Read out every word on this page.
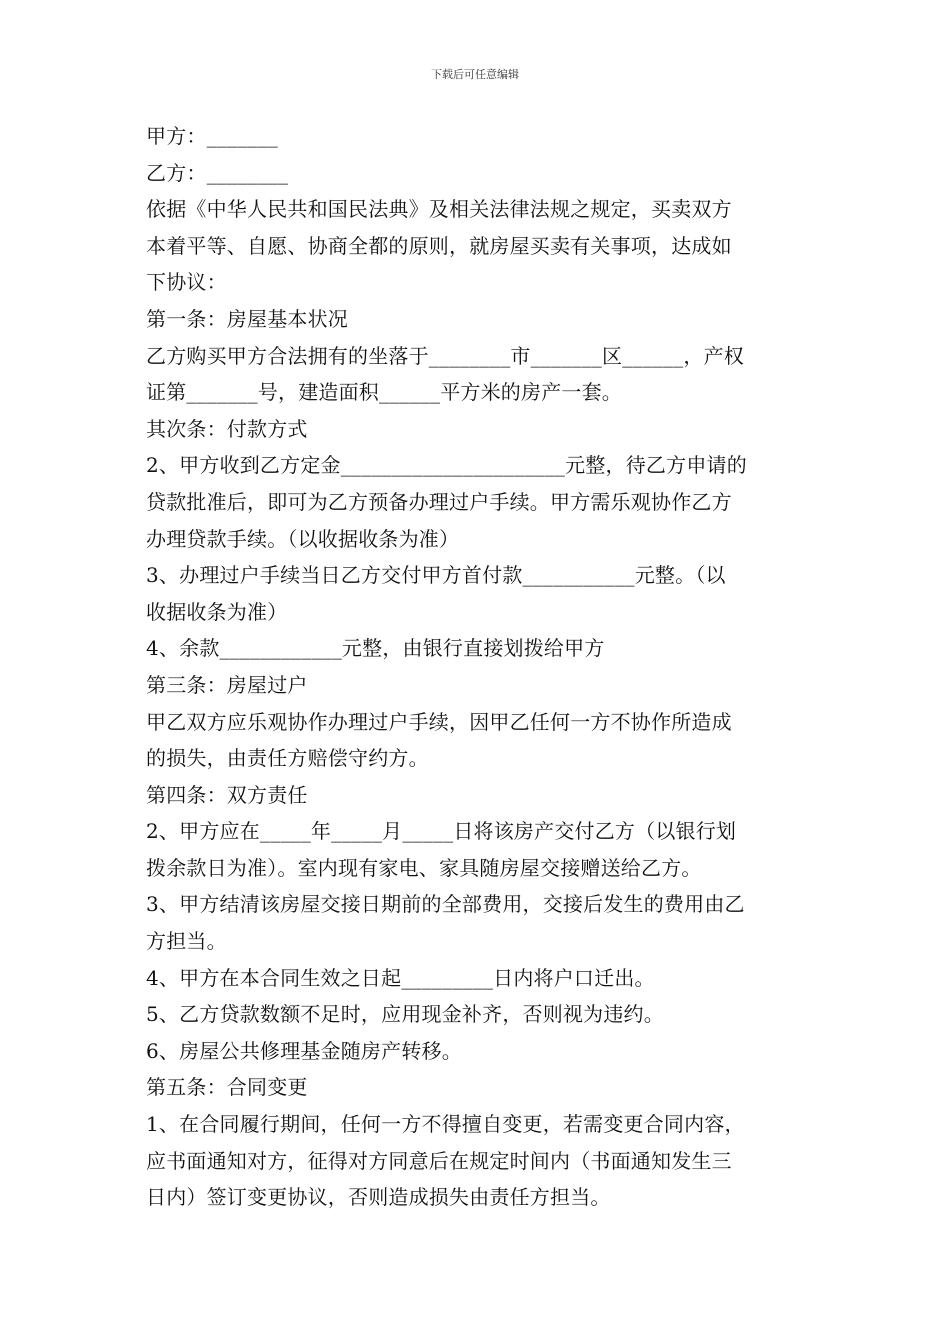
下载后可任意编辑
甲方：_______
乙方：________
依据《中华人民共和国民法典》及相关法律法规之规定，买卖双方
本着平等、自愿、协商全都的原则，就房屋买卖有关事项，达成如
下协议：
第一条：房屋基本状况
乙方购买甲方合法拥有的坐落于________市_______区______，产权
证第_______号，建造面积______平方米的房产一套。
其次条：付款方式
2、甲方收到乙方定金______________________元整，待乙方申请的
贷款批准后，即可为乙方预备办理过户手续。甲方需乐观协作乙方
办理贷款手续。（以收据收条为准）
3、办理过户手续当日乙方交付甲方首付款___________元整。（以
收据收条为准）
4、余款____________元整，由银行直接划拨给甲方
第三条：房屋过户
甲乙双方应乐观协作办理过户手续，因甲乙任何一方不协作所造成
的损失，由责任方赔偿守约方。
第四条：双方责任
2、甲方应在_____年_____月_____日将该房产交付乙方（以银行划
拨余款日为准）。室内现有家电、家具随房屋交接赠送给乙方。
3、甲方结清该房屋交接日期前的全部费用，交接后发生的费用由乙
方担当。
4、甲方在本合同生效之日起_________日内将户口迁出。
5、乙方贷款数额不足时，应用现金补齐，否则视为违约。
6、房屋公共修理基金随房产转移。
第五条：合同变更
1、在合同履行期间，任何一方不得擅自变更，若需变更合同内容，
应书面通知对方，征得对方同意后在规定时间内（书面通知发生三
日内）签订变更协议，否则造成损失由责任方担当。
